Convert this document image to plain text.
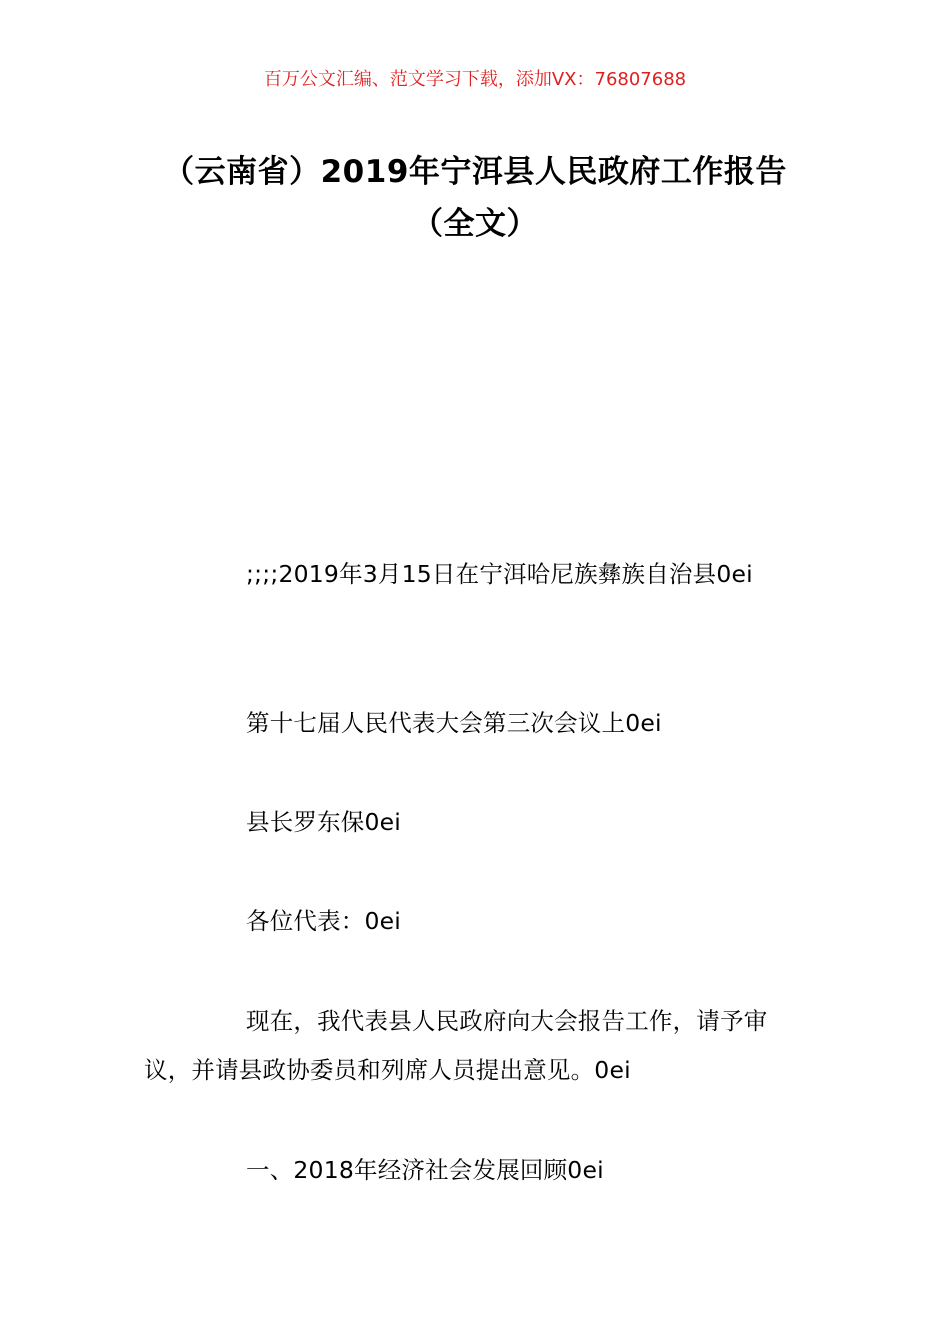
百万公文汇编、范文学习下载，添加VX：76807688
（云南省）2019年宁洱县人民政府工作报告（全文）
;;;;2019年3月15日在宁洱哈尼族彝族自治县0ei
第十七届人民代表大会第三次会议上0ei
县长罗东保0ei
各位代表：0ei
现在，我代表县人民政府向大会报告工作，请予审议，并请县政协委员和列席人员提出意见。0ei
一、2018年经济社会发展回顾0ei
